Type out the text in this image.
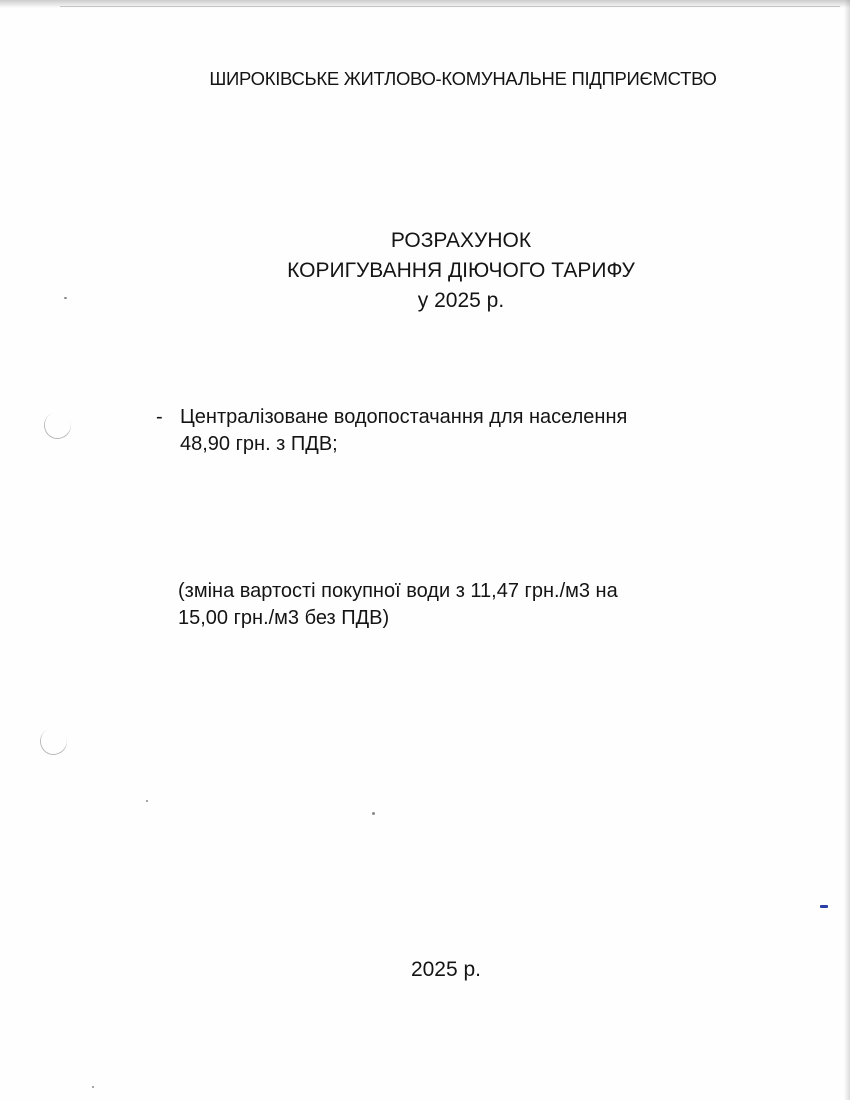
ШИРОКІВСЬКЕ ЖИТЛОВО-КОМУНАЛЬНЕ ПІДПРИЄМСТВО
РОЗРАХУНОК
КОРИГУВАННЯ ДІЮЧОГО ТАРИФУ
у 2025 р.
- Централізоване водопостачання для населення
48,90 грн. з ПДВ;
(зміна вартості покупної води з 11,47 грн./м3 на
15,00 грн./м3 без ПДВ)
2025 р.
